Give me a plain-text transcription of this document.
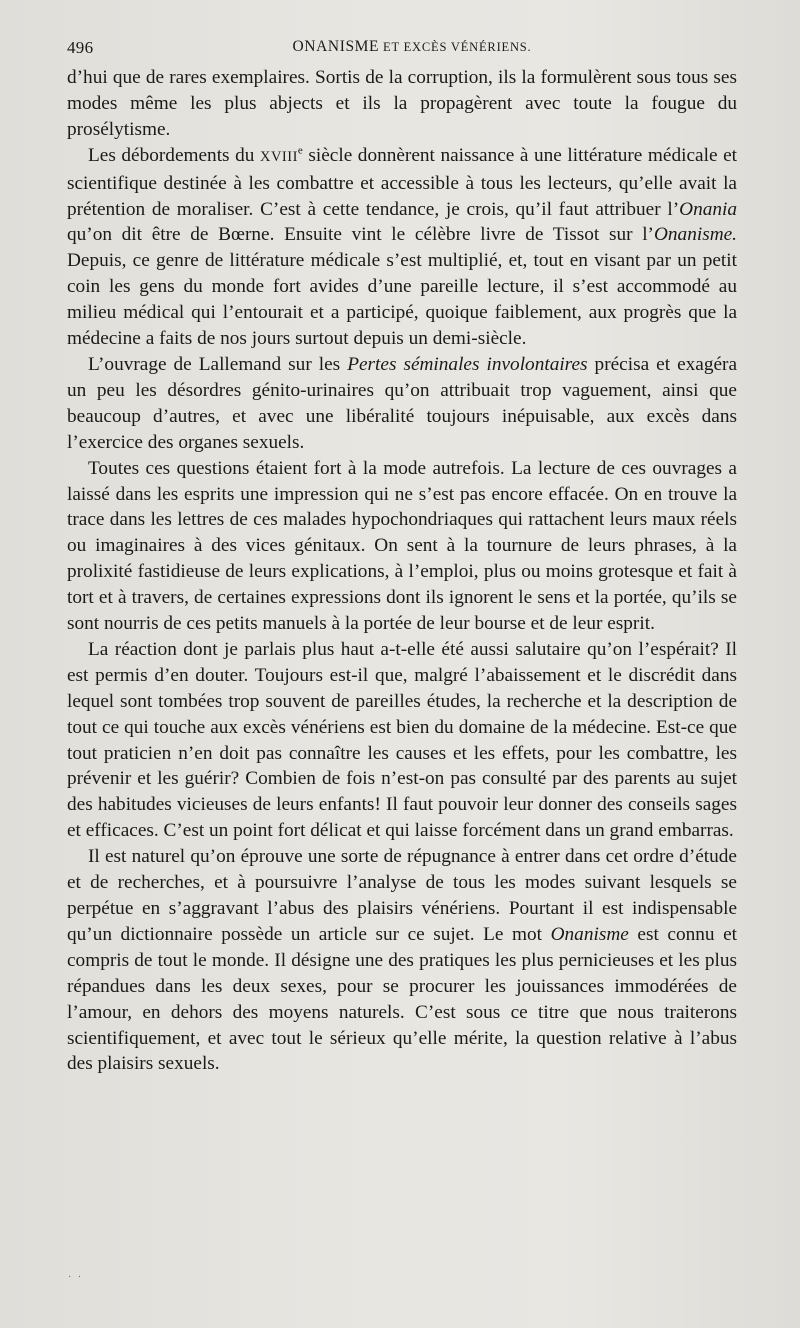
496	ONANISME ET EXCÈS VÉNÉRIENS.

d’hui que de rares exemplaires. Sortis de la corruption, ils la formulèrent sous tous ses modes même les plus abjects et ils la propagèrent avec toute la fougue du prosélytisme.

Les débordements du XVIIIe siècle donnèrent naissance à une littérature médicale et scientifique destinée à les combattre et accessible à tous les lecteurs, qu’elle avait la prétention de moraliser. C’est à cette tendance, je crois, qu’il faut attribuer l’Onania qu’on dit être de Bœrne. Ensuite vint le célèbre livre de Tissot sur l’Onanisme. Depuis, ce genre de littérature médicale s’est multiplié, et, tout en visant par un petit coin les gens du monde fort avides d’une pareille lecture, il s’est accommodé au milieu médical qui l’entourait et a participé, quoique faiblement, aux progrès que la médecine a faits de nos jours surtout depuis un demi-siècle.

L’ouvrage de Lallemand sur les Pertes séminales involontaires précisa et exagéra un peu les désordres génito-urinaires qu’on attribuait trop vaguement, ainsi que beaucoup d’autres, et avec une libéralité toujours inépuisable, aux excès dans l’exercice des organes sexuels.

Toutes ces questions étaient fort à la mode autrefois. La lecture de ces ouvrages a laissé dans les esprits une impression qui ne s’est pas encore effacée. On en trouve la trace dans les lettres de ces malades hypochondriaques qui rattachent leurs maux réels ou imaginaires à des vices génitaux. On sent à la tournure de leurs phrases, à la prolixité fastidieuse de leurs explications, à l’emploi, plus ou moins grotesque et fait à tort et à travers, de certaines expressions dont ils ignorent le sens et la portée, qu’ils se sont nourris de ces petits manuels à la portée de leur bourse et de leur esprit.

La réaction dont je parlais plus haut a-t-elle été aussi salutaire qu’on l’espérait? Il est permis d’en douter. Toujours est-il que, malgré l’abaissement et le discrédit dans lequel sont tombées trop souvent de pareilles études, la recherche et la description de tout ce qui touche aux excès vénériens est bien du domaine de la médecine. Est-ce que tout praticien n’en doit pas connaître les causes et les effets, pour les combattre, les prévenir et les guérir? Combien de fois n’est-on pas consulté par des parents au sujet des habitudes vicieuses de leurs enfants! Il faut pouvoir leur donner des conseils sages et efficaces. C’est un point fort délicat et qui laisse forcément dans un grand embarras.

Il est naturel qu’on éprouve une sorte de répugnance à entrer dans cet ordre d’étude et de recherches, et à poursuivre l’analyse de tous les modes suivant lesquels se perpétue en s’aggravant l’abus des plaisirs vénériens. Pourtant il est indispensable qu’un dictionnaire possède un article sur ce sujet. Le mot Onanisme est connu et compris de tout le monde. Il désigne une des pratiques les plus pernicieuses et les plus répandues dans les deux sexes, pour se procurer les jouissances immodérées de l’amour, en dehors des moyens naturels. C’est sous ce titre que nous traiterons scientifiquement, et avec tout le sérieux qu’elle mérite, la question relative à l’abus des plaisirs sexuels.

· ·
